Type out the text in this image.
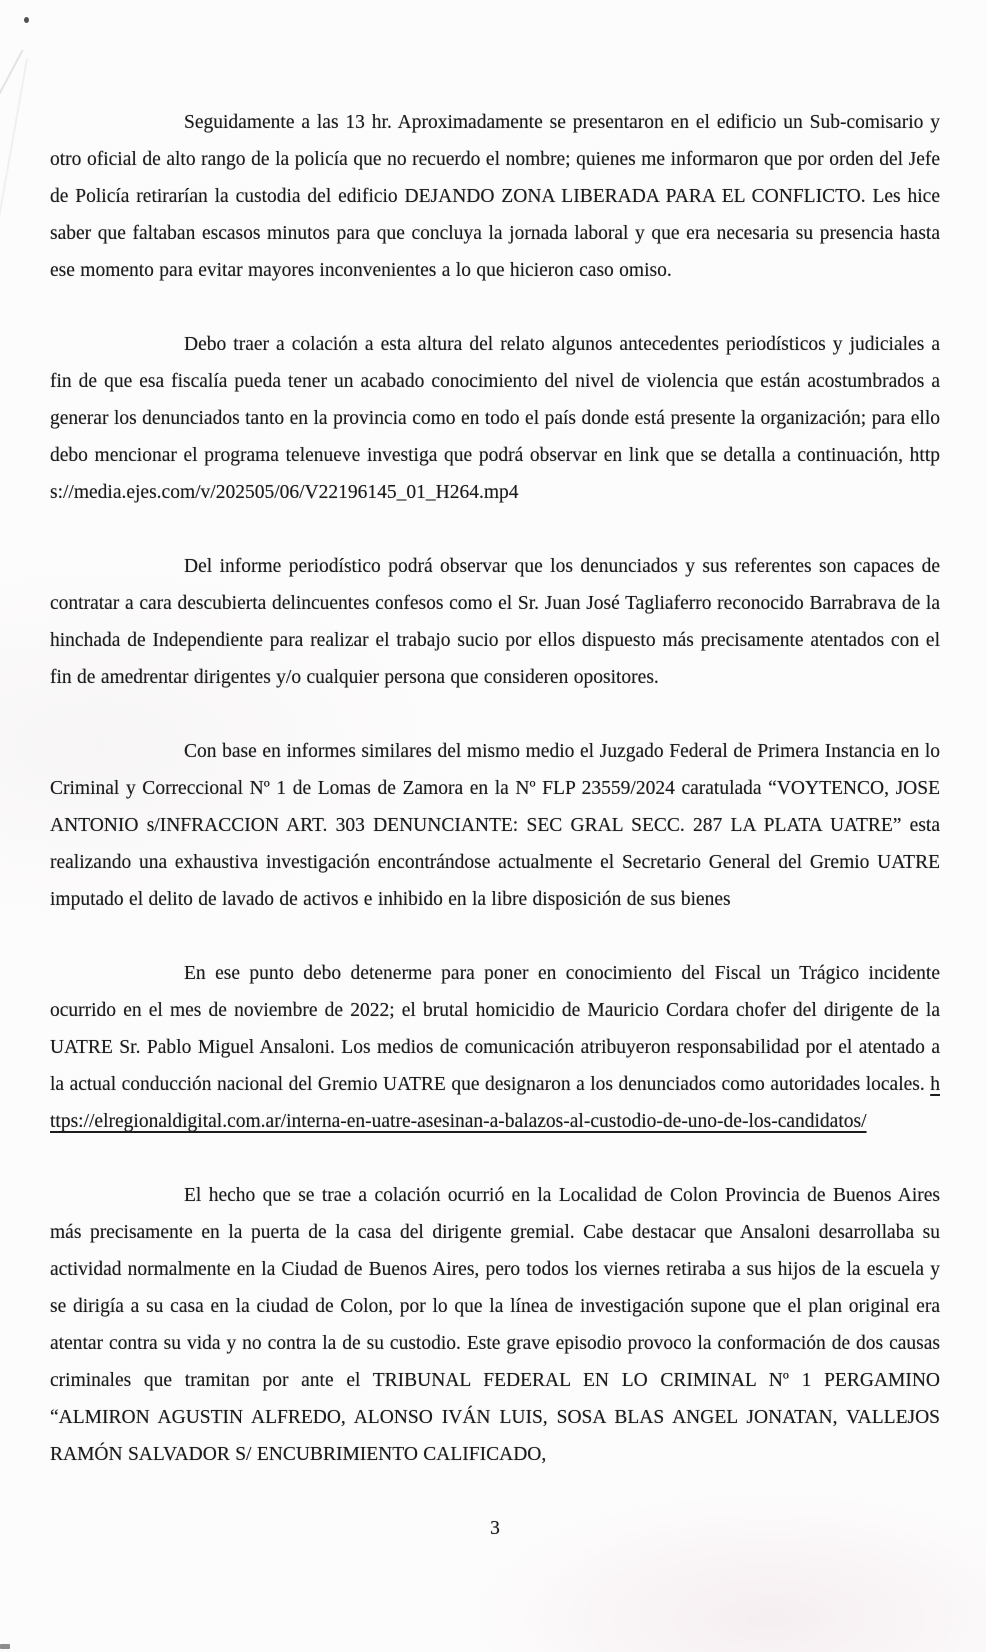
Seguidamente a las 13 hr. Aproximadamente se presentaron en el edificio un Sub-comisario y otro oficial de alto rango de la policía que no recuerdo el nombre; quienes me informaron que por orden del Jefe de Policía retirarían la custodia del edificio DEJANDO ZONA LIBERADA PARA EL CONFLICTO. Les hice saber que faltaban escasos minutos para que concluya la jornada laboral y que era necesaria su presencia hasta ese momento para evitar mayores inconvenientes a lo que hicieron caso omiso.

Debo traer a colación a esta altura del relato algunos antecedentes periodísticos y judiciales a fin de que esa fiscalía pueda tener un acabado conocimiento del nivel de violencia que están acostumbrados a generar los denunciados tanto en la provincia como en todo el país donde está presente la organización; para ello debo mencionar el programa telenueve investiga que podrá observar en link que se detalla a continuación, https://media.ejes.com/v/202505/06/V22196145_01_H264.mp4

Del informe periodístico podrá observar que los denunciados y sus referentes son capaces de contratar a cara descubierta delincuentes confesos como el Sr. Juan José Tagliaferro reconocido Barrabrava de la hinchada de Independiente para realizar el trabajo sucio por ellos dispuesto más precisamente atentados con el fin de amedrentar dirigentes y/o cualquier persona que consideren opositores.

Con base en informes similares del mismo medio el Juzgado Federal de Primera Instancia en lo Criminal y Correccional Nº 1 de Lomas de Zamora en la Nº FLP 23559/2024 caratulada “VOYTENCO, JOSE ANTONIO s/INFRACCION ART. 303 DENUNCIANTE: SEC GRAL SECC. 287 LA PLATA UATRE” esta realizando una exhaustiva investigación encontrándose actualmente el Secretario General del Gremio UATRE imputado el delito de lavado de activos e inhibido en la libre disposición de sus bienes

En ese punto debo detenerme para poner en conocimiento del Fiscal un Trágico incidente ocurrido en el mes de noviembre de 2022; el brutal homicidio de Mauricio Cordara chofer del dirigente de la UATRE Sr. Pablo Miguel Ansaloni. Los medios de comunicación atribuyeron responsabilidad por el atentado a la actual conducción nacional del Gremio UATRE que designaron a los denunciados como autoridades locales. https://elregionaldigital.com.ar/interna-en-uatre-asesinan-a-balazos-al-custodio-de-uno-de-los-candidatos/

El hecho que se trae a colación ocurrió en la Localidad de Colon Provincia de Buenos Aires más precisamente en la puerta de la casa del dirigente gremial. Cabe destacar que Ansaloni desarrollaba su actividad normalmente en la Ciudad de Buenos Aires, pero todos los viernes retiraba a sus hijos de la escuela y se dirigía a su casa en la ciudad de Colon, por lo que la línea de investigación supone que el plan original era atentar contra su vida y no contra la de su custodio. Este grave episodio provoco la conformación de dos causas criminales que tramitan por ante el TRIBUNAL FEDERAL EN LO CRIMINAL Nº 1 PERGAMINO “ALMIRON AGUSTIN ALFREDO, ALONSO IVÁN LUIS, SOSA BLAS ANGEL JONATAN, VALLEJOS RAMÓN SALVADOR S/ ENCUBRIMIENTO CALIFICADO,

3
